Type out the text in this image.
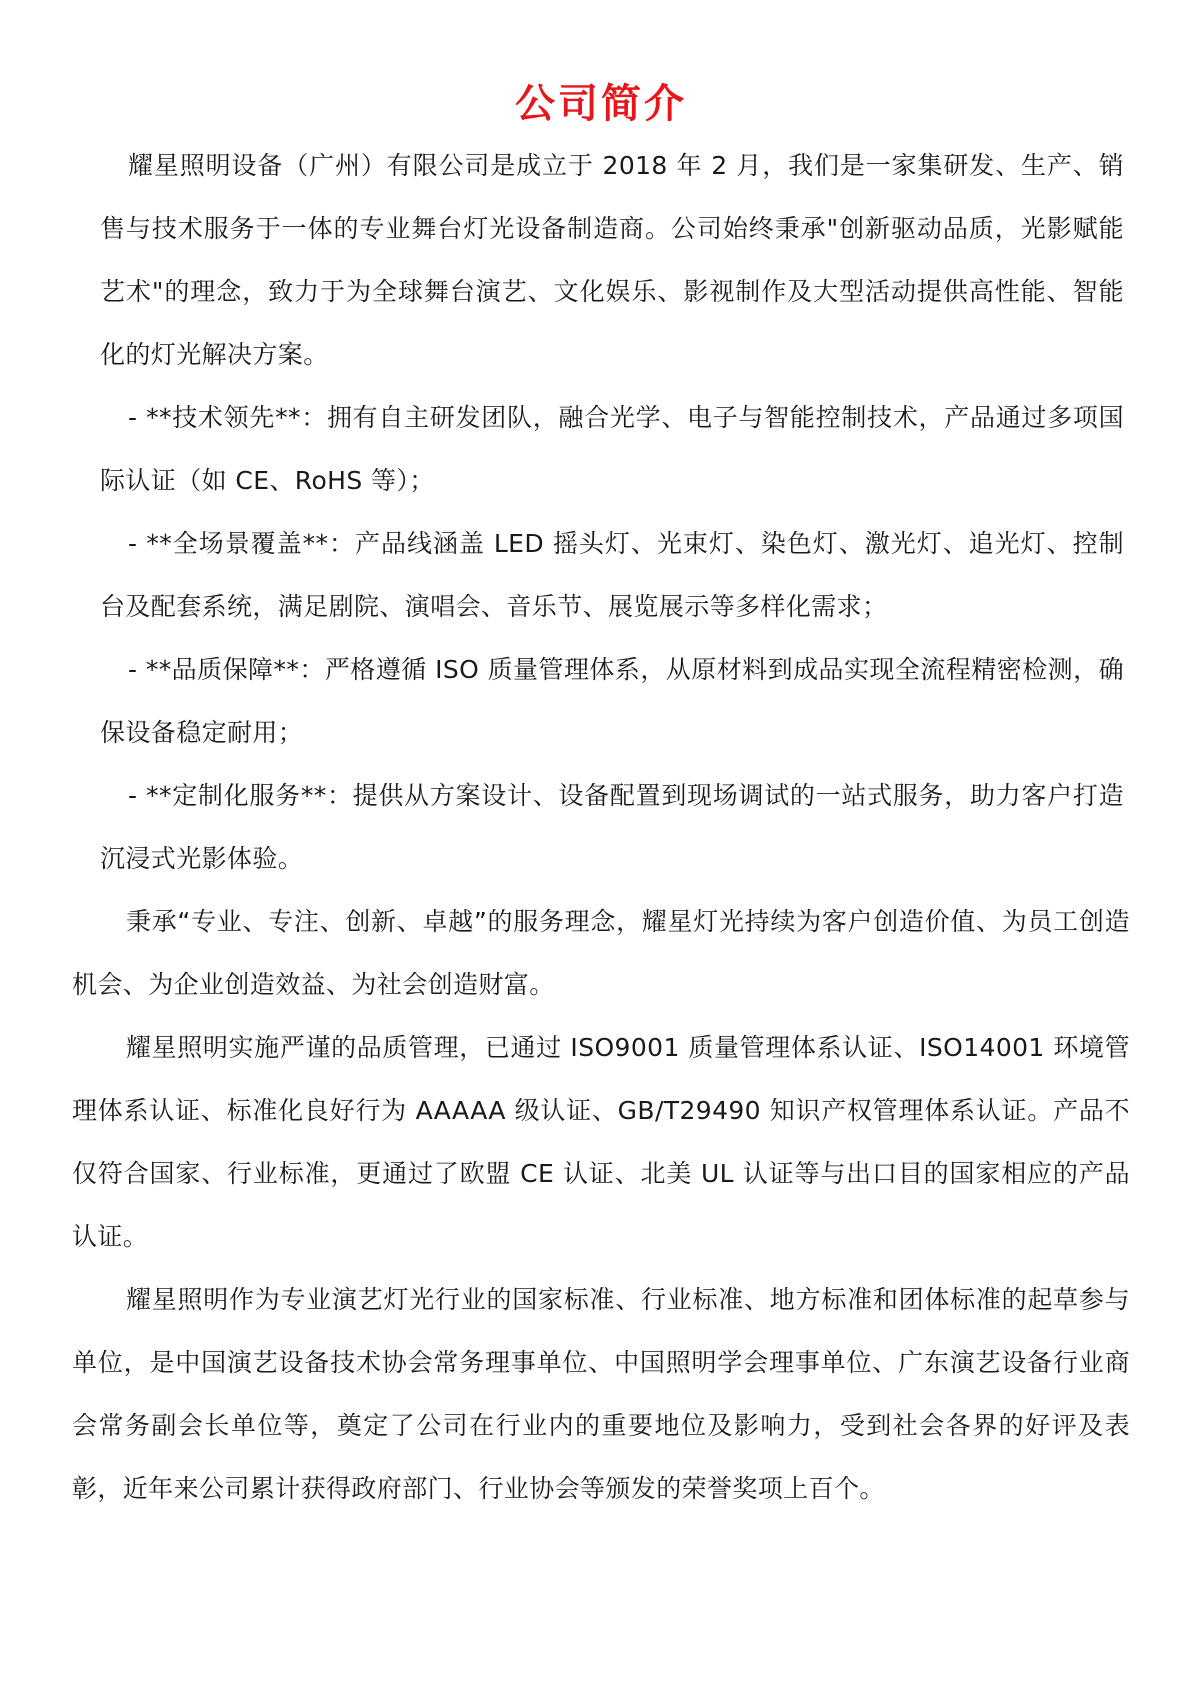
公司简介

耀星照明设备（广州）有限公司是成立于 2018 年 2 月，我们是一家集研发、生产、销售与技术服务于一体的专业舞台灯光设备制造商。公司始终秉承"创新驱动品质，光影赋能艺术"的理念，致力于为全球舞台演艺、文化娱乐、影视制作及大型活动提供高性能、智能化的灯光解决方案。

- **技术领先**：拥有自主研发团队，融合光学、电子与智能控制技术，产品通过多项国际认证（如 CE、RoHS 等）；

- **全场景覆盖**：产品线涵盖 LED 摇头灯、光束灯、染色灯、激光灯、追光灯、控制台及配套系统，满足剧院、演唱会、音乐节、展览展示等多样化需求；

- **品质保障**：严格遵循 ISO 质量管理体系，从原材料到成品实现全流程精密检测，确保设备稳定耐用；

- **定制化服务**：提供从方案设计、设备配置到现场调试的一站式服务，助力客户打造沉浸式光影体验。

秉承“专业、专注、创新、卓越”的服务理念，耀星灯光持续为客户创造价值、为员工创造机会、为企业创造效益、为社会创造财富。

耀星照明实施严谨的品质管理，已通过 ISO9001 质量管理体系认证、ISO14001 环境管理体系认证、标准化良好行为 AAAAA 级认证、GB/T29490 知识产权管理体系认证。产品不仅符合国家、行业标准，更通过了欧盟 CE 认证、北美 UL 认证等与出口目的国家相应的产品认证。

耀星照明作为专业演艺灯光行业的国家标准、行业标准、地方标准和团体标准的起草参与单位，是中国演艺设备技术协会常务理事单位、中国照明学会理事单位、广东演艺设备行业商会常务副会长单位等，奠定了公司在行业内的重要地位及影响力，受到社会各界的好评及表彰，近年来公司累计获得政府部门、行业协会等颁发的荣誉奖项上百个。
